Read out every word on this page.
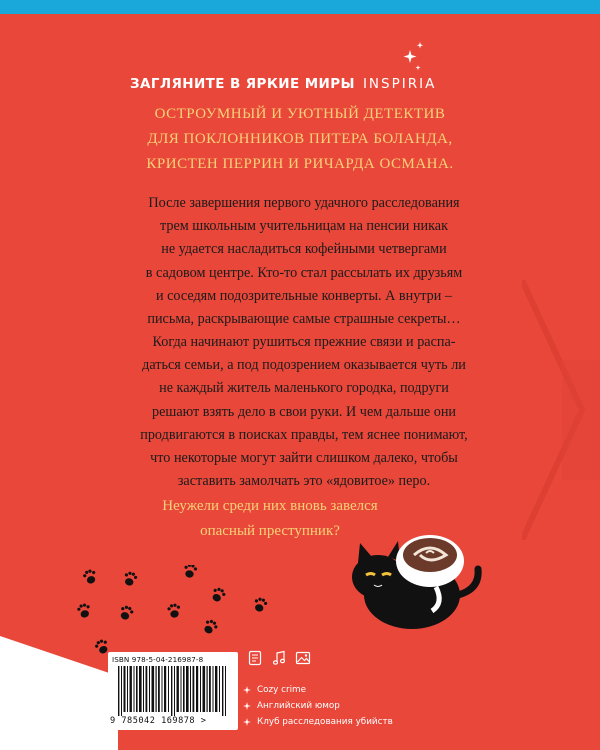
ЗАГЛЯНИТЕ В ЯРКИЕ МИРЫ INSPIRIA
ОСТРОУМНЫЙ И УЮТНЫЙ ДЕТЕКТИВ
ДЛЯ ПОКЛОННИКОВ ПИТЕРА БОЛАНДА,
КРИСТЕН ПЕРРИН И РИЧАРДА ОСМАНА.
После завершения первого удачного расследования
трем школьным учительницам на пенсии никак
не удается насладиться кофейными четвергами
в садовом центре. Кто-то стал рассылать их друзьям
и соседям подозрительные конверты. А внутри –
письма, раскрывающие самые страшные секреты…
Когда начинают рушиться прежние связи и распа-
даться семьи, а под подозрением оказывается чуть ли
не каждый житель маленького городка, подруги
решают взять дело в свои руки. И чем дальше они
продвигаются в поисках правды, тем яснее понимают,
что некоторые могут зайти слишком далеко, чтобы
заставить замолчать это «ядовитое» перо.
Неужели среди них вновь завелся
опасный преступник?
ISBN 978-5-04-216987-8
9 785042 169878 >
Cozy crime
Английский юмор
Клуб расследования убийств
